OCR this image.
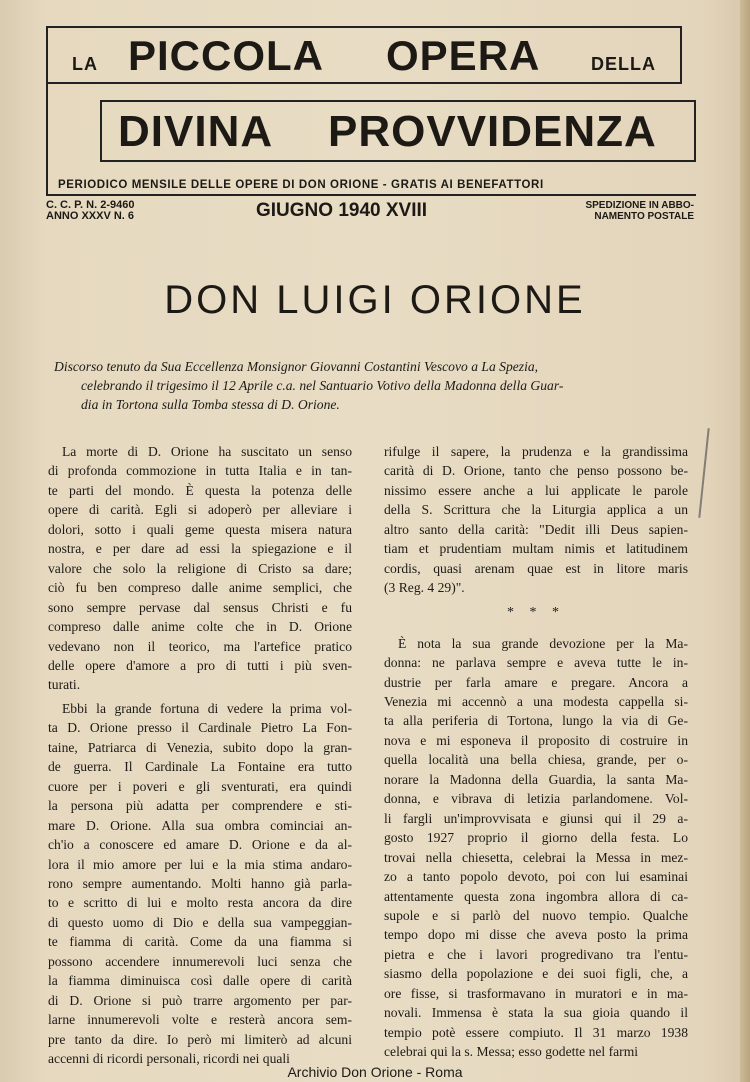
LA PICCOLA OPERA	DELLA
DIVINA PROVVIDENZA
PERIODICO MENSILE DELLE OPERE DI DON ORIONE - GRATIS AI BENEFATTORI
C. C. P. N. 2-9460
ANNO XXXV N. 6	GIUGNO 1940 XVIII	SPEDIZIONE IN ABBO-
NAMENTO POSTALE
DON LUIGI ORIONE
Discorso tenuto da Sua Eccellenza Monsignor Giovanni Costantini Vescovo a La Spezia,
celebrando il trigesimo il 12 Aprile c.a. nel Santuario Votivo della Madonna della Guar-
dia in Tortona sulla Tomba stessa di D. Orione.
La morte di D. Orione ha suscitato un senso
di profonda commozione in tutta Italia e in tan-
te parti del mondo. È questa la potenza delle
opere di carità. Egli si adoperò per alleviare i
dolori, sotto i quali geme questa misera natura
nostra, e per dare ad essi la spiegazione e il
valore che solo la religione di Cristo sa dare;
ciò fu ben compreso dalle anime semplici, che
sono sempre pervase dal sensus Christi e fu
compreso dalle anime colte che in D. Orione
vedevano non il teorico, ma l'artefice pratico
delle opere d'amore a pro di tutti i più sven-
turati.
Ebbi la grande fortuna di vedere la prima vol-
ta D. Orione presso il Cardinale Pietro La Fon-
taine, Patriarca di Venezia, subito dopo la gran-
de guerra. Il Cardinale La Fontaine era tutto
cuore per i poveri e gli sventurati, era quindi
la persona più adatta per comprendere e sti-
mare D. Orione. Alla sua ombra cominciai an-
ch'io a conoscere ed amare D. Orione e da al-
lora il mio amore per lui e la mia stima andaro-
rono sempre aumentando. Molti hanno già parla-
to e scritto di lui e molto resta ancora da dire
di questo uomo di Dio e della sua vampeggian-
te fiamma di carità. Come da una fiamma si
possono accendere innumerevoli luci senza che
la fiamma diminuisca così dalle opere di carità
di D. Orione si può trarre argomento per par-
larne innumerevoli volte e resterà ancora sem-
pre tanto da dire. Io però mi limiterò ad alcuni
accenni di ricordi personali, ricordi nei quali
rifulge il sapere, la prudenza e la grandissima
carità di D. Orione, tanto che penso possono be-
nissimo essere anche a lui applicate le parole
della S. Scrittura che la Liturgia applica a un
altro santo della carità: "Dedit illi Deus sapien-
tiam et prudentiam multam nimis et latitudinem
cordis, quasi arenam quae est in litore maris
(3 Reg. 4 29)".
* * *
È nota la sua grande devozione per la Ma-
donna: ne parlava sempre e aveva tutte le in-
dustrie per farla amare e pregare. Ancora a
Venezia mi accennò a una modesta cappella si-
ta alla periferia di Tortona, lungo la via di Ge-
nova e mi esponeva il proposito di costruire in
quella località una bella chiesa, grande, per o-
norare la Madonna della Guardia, la santa Ma-
donna, e vibrava di letizia parlandomene. Vol-
li fargli un'improvvisata e giunsi qui il 29 a-
gosto 1927 proprio il giorno della festa. Lo
trovai nella chiesetta, celebrai la Messa in mez-
zo a tanto popolo devoto, poi con lui esaminai
attentamente questa zona ingombra allora di ca-
supole e si parlò del nuovo tempio. Qualche
tempo dopo mi disse che aveva posto la prima
pietra e che i lavori progredivano tra l'entu-
siasmo della popolazione e dei suoi figli, che, a
ore fisse, si trasformavano in muratori e in ma-
novali. Immensa è stata la sua gioia quando il
tempio potè essere compiuto. Il 31 marzo 1938
celebrai qui la s. Messa; esso godette nel farmi
Archivio Don Orione - Roma
